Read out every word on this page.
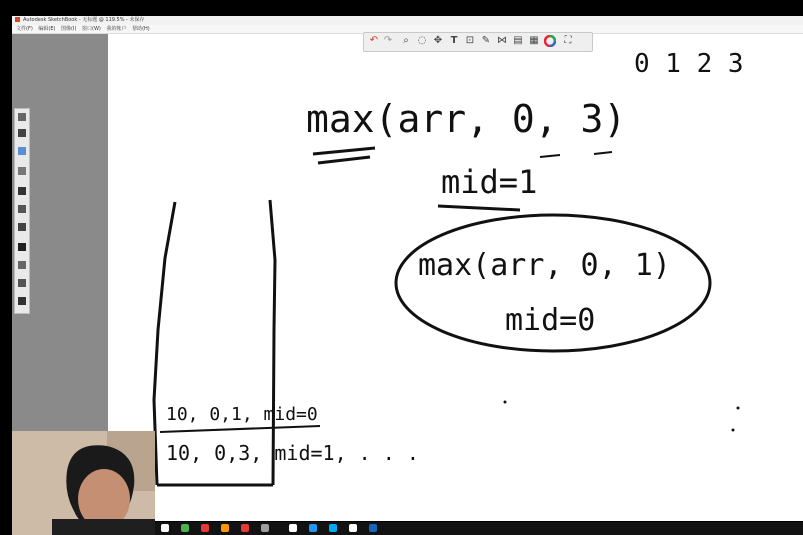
Autodesk SketchBook - 无标题 @ 119.5% - 未保存
文件(F) 编辑(E) 图像(I) 窗口(W) 我的帐户 帮助(H)
↶ ↷	⌕ ◌ ✥ T ⊡ ✎ ⋈ ▤ ▦	⛶
0 1 2 3
max(arr, 0, 3)
mid=1
max(arr, 0, 1)
mid=0
10, 0,1, mid=0
10, 0,3, mid=1, . . .
